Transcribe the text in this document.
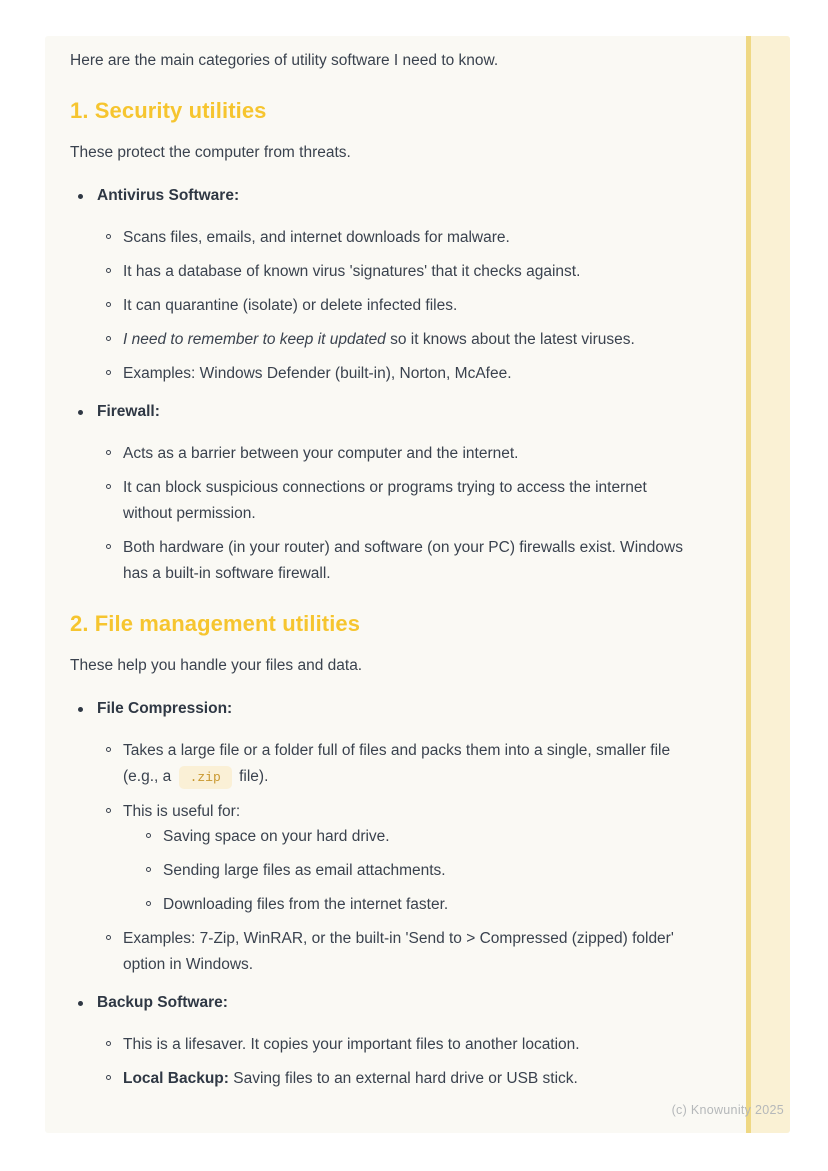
Here are the main categories of utility software I need to know.

1. Security utilities

These protect the computer from threats.

Antivirus Software:
Scans files, emails, and internet downloads for malware.
It has a database of known virus 'signatures' that it checks against.
It can quarantine (isolate) or delete infected files.
I need to remember to keep it updated so it knows about the latest viruses.
Examples: Windows Defender (built-in), Norton, McAfee.
Firewall:
Acts as a barrier between your computer and the internet.
It can block suspicious connections or programs trying to access the internet without permission.
Both hardware (in your router) and software (on your PC) firewalls exist. Windows has a built-in software firewall.
2. File management utilities

These help you handle your files and data.

File Compression:
Takes a large file or a folder full of files and packs them into a single, smaller file (e.g., a .zip file).
This is useful for:
Saving space on your hard drive.
Sending large files as email attachments.
Downloading files from the internet faster.
Examples: 7-Zip, WinRAR, or the built-in 'Send to > Compressed (zipped) folder' option in Windows.
Backup Software:
This is a lifesaver. It copies your important files to another location.
Local Backup: Saving files to an external hard drive or USB stick.
(c) Knowunity 2025
